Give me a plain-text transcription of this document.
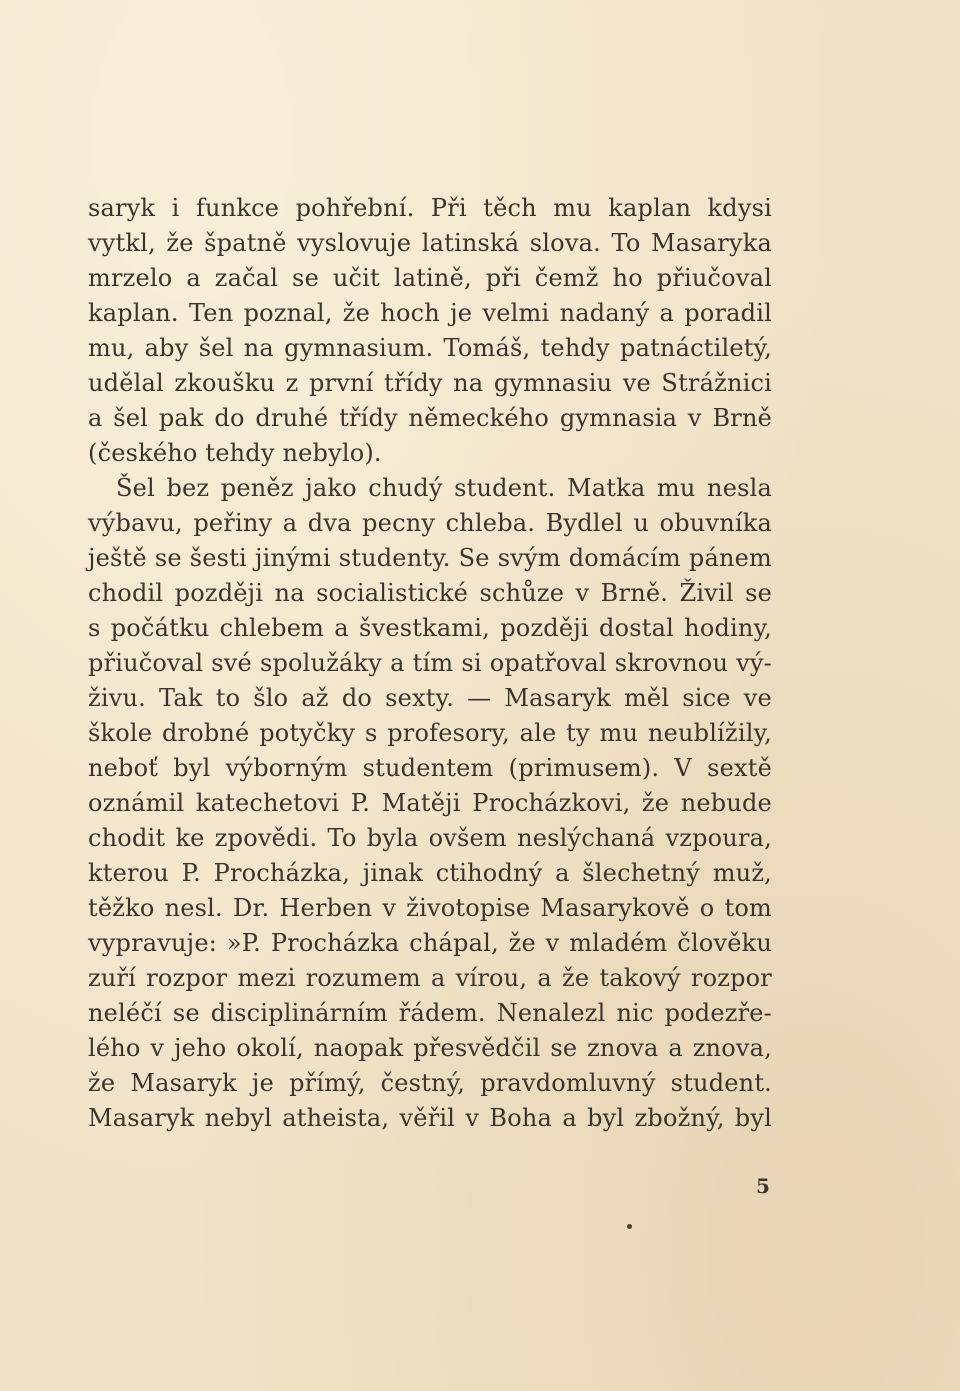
saryk i funkce pohřební. Při těch mu kaplan kdysi
vytkl, že špatně vyslovuje latinská slova. To Masaryka
mrzelo a začal se učit latině, při čemž ho přiučoval
kaplan. Ten poznal, že hoch je velmi nadaný a poradil
mu, aby šel na gymnasium. Tomáš, tehdy patnáctiletý,
udělal zkoušku z první třídy na gymnasiu ve Strážnici
a šel pak do druhé třídy německého gymnasia v Brně
(českého tehdy nebylo).
Šel bez peněz jako chudý student. Matka mu nesla
výbavu, peřiny a dva pecny chleba. Bydlel u obuvníka
ještě se šesti jinými studenty. Se svým domácím pánem
chodil později na socialistické schůze v Brně. Živil se
s počátku chlebem a švestkami, později dostal hodiny,
přiučoval své spolužáky a tím si opatřoval skrovnou vý-
živu. Tak to šlo až do sexty. — Masaryk měl sice ve
škole drobné potyčky s profesory, ale ty mu neublížily,
neboť byl výborným studentem (primusem). V sextě
oznámil katechetovi P. Matěji Procházkovi, že nebude
chodit ke zpovědi. To byla ovšem neslýchaná vzpoura,
kterou P. Procházka, jinak ctihodný a šlechetný muž,
těžko nesl. Dr. Herben v životopise Masarykově o tom
vypravuje: »P. Procházka chápal, že v mladém člověku
zuří rozpor mezi rozumem a vírou, a že takový rozpor
neléčí se disciplinárním řádem. Nenalezl nic podezře-
lého v jeho okolí, naopak přesvědčil se znova a znova,
že Masaryk je přímý, čestný, pravdomluvný student.
Masaryk nebyl atheista, věřil v Boha a byl zbožný, byl
5
